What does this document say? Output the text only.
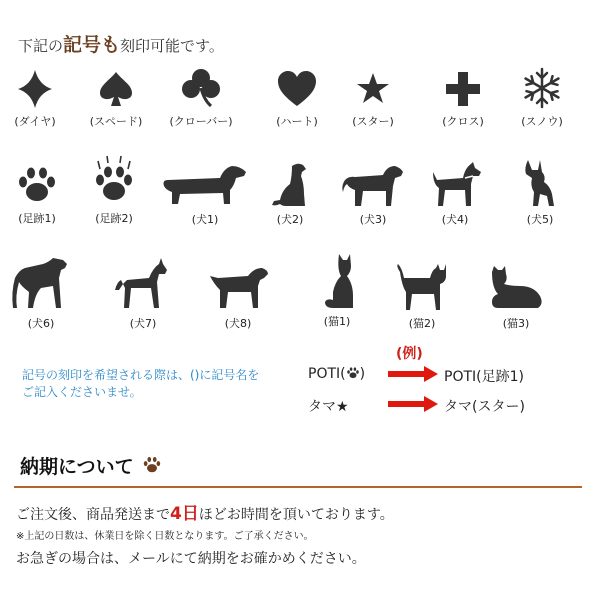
下記の記号も刻印可能です。
(ダイヤ)	(スペード)	(クローバー)	(ハート)	(スター)	(クロス)	(スノウ)
(足跡1)	(足跡2)	(犬1)	(犬2)	(犬3)	(犬4)	(犬5)
(犬6)	(犬7)	(犬8)	(猫1)	(猫2)	(猫3)
記号の刻印を希望される際は、()に記号名を
ご記入くださいませ。
(例)
POTI( )	POTI(足跡1)
タマ★	タマ(スター)
納期について
ご注文後、商品発送まで4日ほどお時間を頂いております。
※上記の日数は、休業日を除く日数となります。ご了承ください。
お急ぎの場合は、メールにて納期をお確かめください。
